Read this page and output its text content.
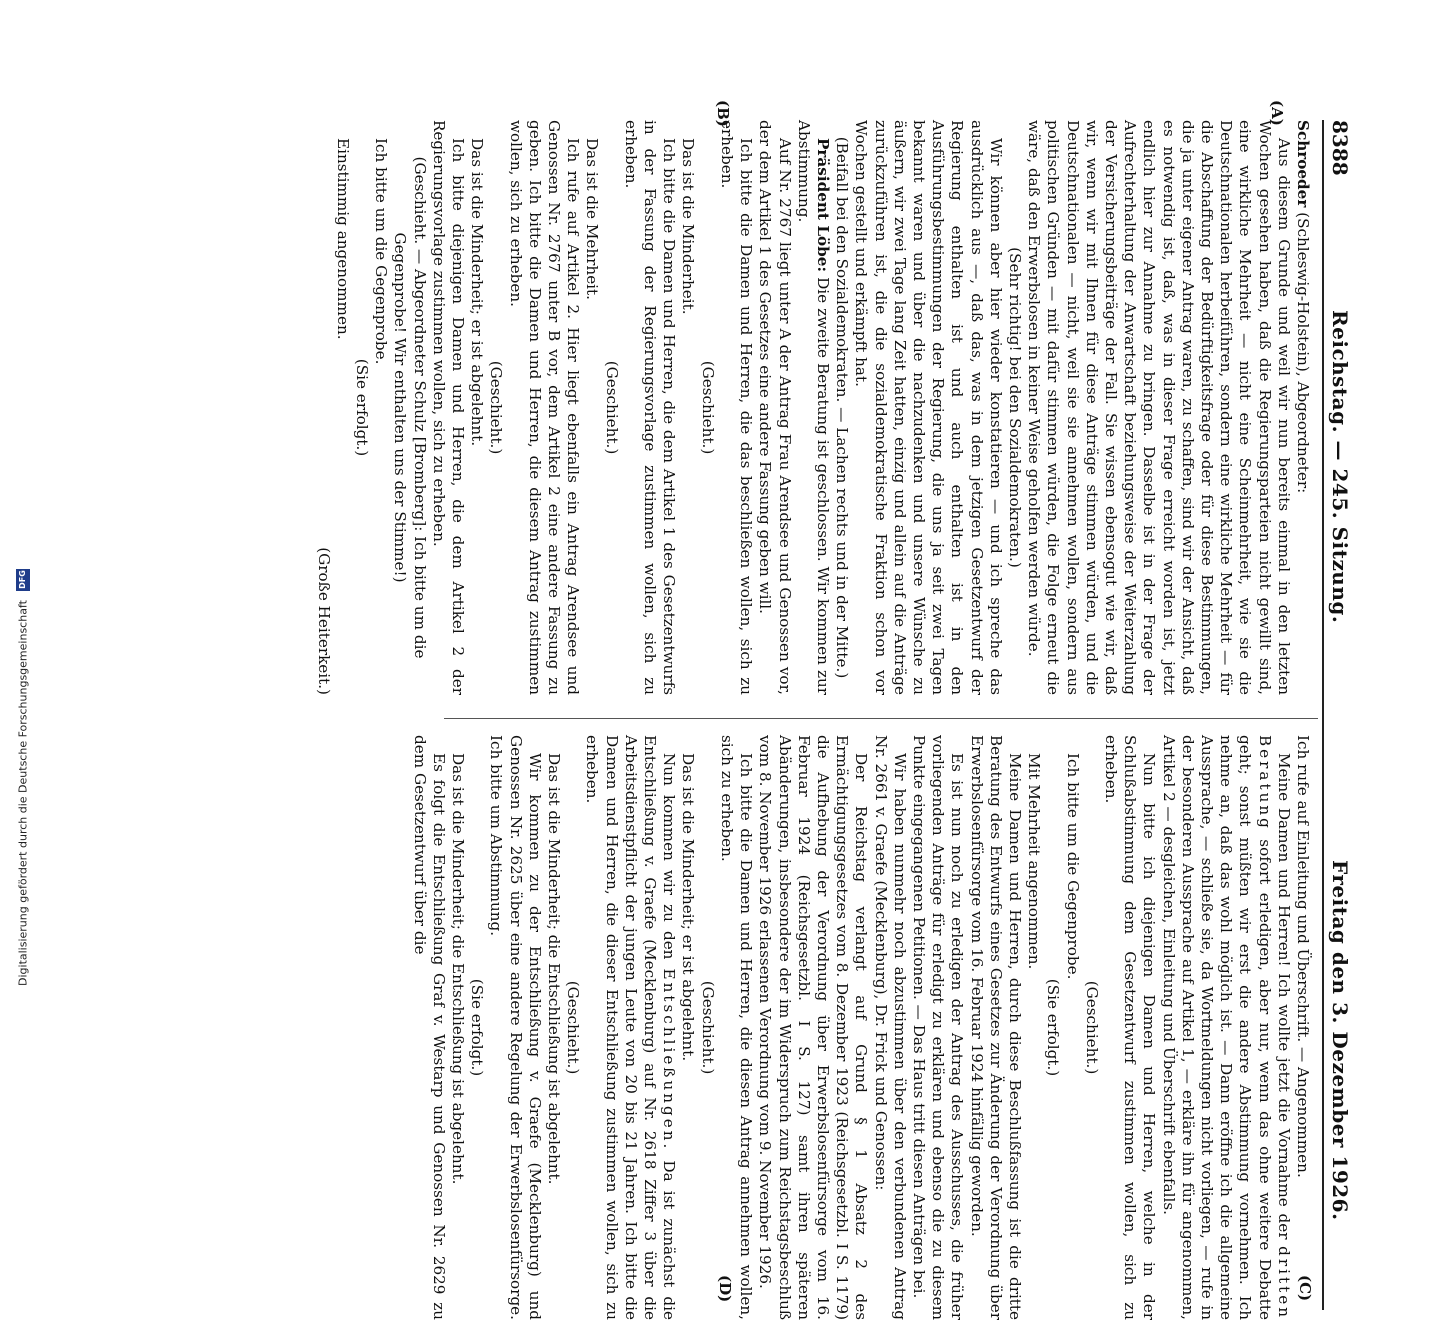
8388
Reichstag. — 245. Sitzung.
Freitag den 3. Dezember 1926.
(A)
(B)
(C)
(D)

Schroeder (Schleswig-Holstein), Abgeordneter:

Aus diesem Grunde und weil wir nun bereits einmal in den letzten Wochen gesehen haben, daß die Regierungsparteien nicht gewillt sind, eine wirkliche Mehrheit — nicht eine Scheinmehrheit, wie sie die Deutschnationalen herbeiführen, sondern eine wirkliche Mehrheit — für die Abschaffung der Bedürftigkeitsfrage oder für diese Bestimmungen, die ja unter eigener Antrag waren, zu schaffen, sind wir der Ansicht, daß es notwendig ist, daß, was in dieser Frage erreicht worden ist, jetzt endlich hier zur Annahme zu bringen. Dasselbe ist in der Frage der Aufrechterhaltung der Anwartschaft beziehungsweise der Weiterzahlung der Versicherungsbeiträge der Fall. Sie wissen ebensogut wie wir, daß wir, wenn wir mit Ihnen für diese Anträge stimmen würden, und die Deutschnationalen — nicht, weil sie sie annehmen wollen, sondern aus politischen Gründen — mit dafür stimmen würden, die Folge erneut die wäre, daß den Erwerbslosen in keiner Weise geholfen werden würde.

(Sehr richtig! bei den Sozialdemokraten.)

Wir können aber hier wieder konstatieren — und ich spreche das ausdrücklich aus —, daß das, was in dem jetzigen Gesetzentwurf der Regierung enthalten ist und auch enthalten ist in den Ausführungsbestimmungen der Regierung, die uns ja seit zwei Tagen bekannt waren und über die nachzudenken und unsere Wünsche zu äußern, wir zwei Tage lang Zeit hatten, einzig und allein auf die Anträge zurückzuführen ist, die die sozialdemokratische Fraktion schon vor Wochen gestellt und erkämpft hat.

(Beifall bei den Sozialdemokraten. — Lachen rechts und in der Mitte.)

Präsident Löbe: Die zweite Beratung ist geschlossen. Wir kommen zur Abstimmung.

Auf Nr. 2767 liegt unter A der Antrag Frau Arendsee und Genossen vor, der dem Artikel 1 des Gesetzes eine andere Fassung geben will.

Ich bitte die Damen und Herren, die das beschließen wollen, sich zu erheben.

(Geschieht.)

Das ist die Minderheit.

Ich bitte die Damen und Herren, die dem Artikel 1 des Gesetzentwurfs in der Fassung der Regierungsvorlage zustimmen wollen, sich zu erheben.

(Geschieht.)

Das ist die Mehrheit.

Ich rufe auf Artikel 2. Hier liegt ebenfalls ein Antrag Arendsee und Genossen Nr. 2767 unter B vor, dem Artikel 2 eine andere Fassung zu geben. Ich bitte die Damen und Herren, die diesem Antrag zustimmen wollen, sich zu erheben.

(Geschieht.)

Das ist die Minderheit; er ist abgelehnt.

Ich bitte diejenigen Damen und Herren, die dem Artikel 2 der Regierungsvorlage zustimmen wollen, sich zu erheben.

(Geschieht. — Abgeordneter Schulz [Bromberg]: Ich bitte um die Gegenprobe! Wir enthalten uns der Stimme!)

Ich bitte um die Gegenprobe.

(Sie erfolgt.)

Einstimmig angenommen.

(Große Heiterkeit.)

Ich rufe auf Einleitung und Überschrift. — Angenommen.

Meine Damen und Herren! Ich wollte jetzt die Vornahme der dritten Beratung sofort erledigen, aber nur, wenn das ohne weitere Debatte geht; sonst müßten wir erst die andere Abstimmung vornehmen. Ich nehme an, daß das wohl möglich ist. — Dann eröffne ich die allgemeine Aussprache, — schließe sie, da Wortmeldungen nicht vorliegen, — rufe in der besonderen Aussprache auf Artikel 1, — erkläre ihn für angenommen, Artikel 2 — desgleichen, Einleitung und Überschrift ebenfalls.

Nun bitte ich diejenigen Damen und Herren, welche in der Schlußabstimmung dem Gesetzentwurf zustimmen wollen, sich zu erheben.

(Geschieht.)

Ich bitte um die Gegenprobe.

(Sie erfolgt.)

Mit Mehrheit angenommen.

Meine Damen und Herren, durch diese Beschlußfassung ist die dritte Beratung des Entwurfs eines Gesetzes zur Änderung der Verordnung über Erwerbslosenfürsorge vom 16. Februar 1924 hinfällig geworden.

Es ist nun noch zu erledigen der Antrag des Ausschusses, die früher vorliegenden Anträge für erledigt zu erklären und ebenso die zu diesem Punkte eingegangenen Petitionen. — Das Haus tritt diesen Anträgen bei.

Wir haben nunmehr noch abzustimmen über den verbundenen Antrag Nr. 2661 v. Graefe (Mecklenburg), Dr. Frick und Genossen:

Der Reichstag verlangt auf Grund § 1 Absatz 2 des Ermächtigungsgesetzes vom 8. Dezember 1923 (Reichsgesetzbl. I S. 1179) die Aufhebung der Verordnung über Erwerbslosenfürsorge vom 16. Februar 1924 (Reichsgesetzbl. I S. 127) samt ihren späteren Abänderungen, insbesondere der im Widerspruch zum Reichstagsbeschluß vom 8. November 1926 erlassenen Verordnung vom 9. November 1926.

Ich bitte die Damen und Herren, die diesen Antrag annehmen wollen, sich zu erheben.

(Geschieht.)

Das ist die Minderheit; er ist abgelehnt.

Nun kommen wir zu den Entschließungen. Da ist zunächst die Entschließung v. Graefe (Mecklenburg) auf Nr. 2618 Ziffer 3 über die Arbeitsdienstpflicht der jungen Leute von 20 bis 21 Jahren. Ich bitte die Damen und Herren, die dieser Entschließung zustimmen wollen, sich zu erheben.

(Geschieht.)

Das ist die Minderheit; die Entschließung ist abgelehnt.

Wir kommen zu der Entschließung v. Graefe (Mecklenburg) und Genossen Nr. 2625 über eine andere Regelung der Erwerbslosenfürsorge. Ich bitte um Abstimmung.

(Sie erfolgt.)

Das ist die Minderheit; die Entschließung ist abgelehnt.

Es folgt die Entschließung Graf v. Westarp und Genossen Nr. 2629 zu dem Gesetzentwurf über die

Digitalisierung gefördert durch die Deutsche Forschungsgemeinschaft DFG
